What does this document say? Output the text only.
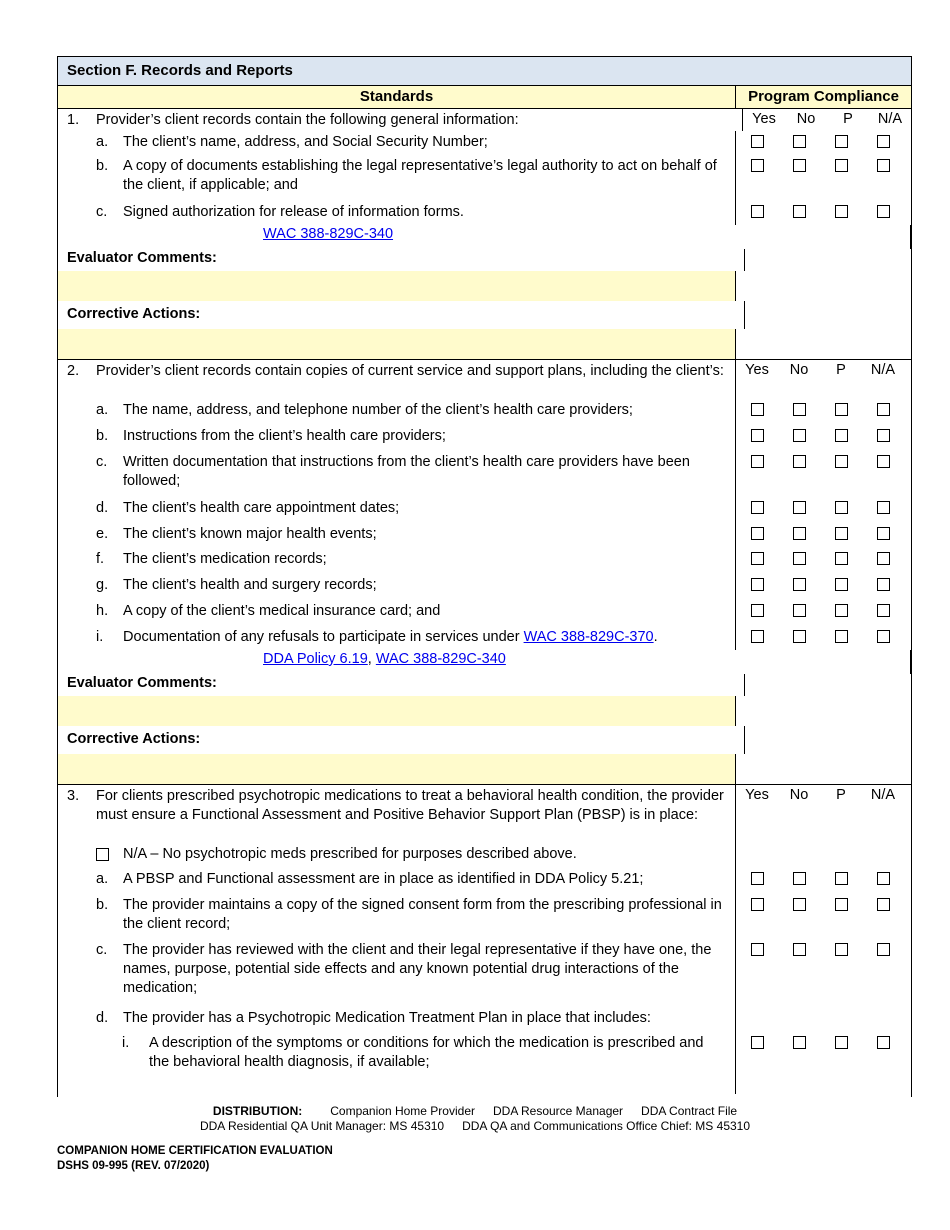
Section F. Records and Reports
Standards	Program Compliance
1. Provider’s client records contain the following general information:	Yes	No	P	N/A
a.	The client’s name, address, and Social Security Number;
b.	A copy of documents establishing the legal representative’s legal authority to act on behalf of the client, if applicable; and
c.	Signed authorization for release of information forms.
WAC 388-829C-340
Evaluator Comments:
Corrective Actions:
2.	Provider’s client records contain copies of current service and support plans, including the client’s:	Yes	No	P	N/A
a.	The name, address, and telephone number of the client’s health care providers;
b.	Instructions from the client’s health care providers;
c.	Written documentation that instructions from the client’s health care providers have been followed;
d.	The client’s health care appointment dates;
e.	The client’s known major health events;
f.	The client’s medication records;
g.	The client’s health and surgery records;
h.	A copy of the client’s medical insurance card; and
i.	Documentation of any refusals to participate in services under WAC 388-829C-370.
DDA Policy 6.19, WAC 388-829C-340
Evaluator Comments:
Corrective Actions:
3.	For clients prescribed psychotropic medications to treat a behavioral health condition, the provider must ensure a Functional Assessment and Positive Behavior Support Plan (PBSP) is in place:
Yes	No	P	N/A
N/A – No psychotropic meds prescribed for purposes described above.
a.	A PBSP and Functional assessment are in place as identified in DDA Policy 5.21;
b.	The provider maintains a copy of the signed consent form from the prescribing professional in the client record;
c.	The provider has reviewed with the client and their legal representative if they have one, the names, purpose, potential side effects and any known potential drug interactions of the medication;
d.	The provider has a Psychotropic Medication Treatment Plan in place that includes:
i.	A description of the symptoms or conditions for which the medication is prescribed and the behavioral health diagnosis, if available;
DISTRIBUTION: Companion Home Provider DDA Resource Manager DDA Contract File
DDA Residential QA Unit Manager: MS 45310 DDA QA and Communications Office Chief: MS 45310
COMPANION HOME CERTIFICATION EVALUATION
DSHS 09-995 (REV. 07/2020)
